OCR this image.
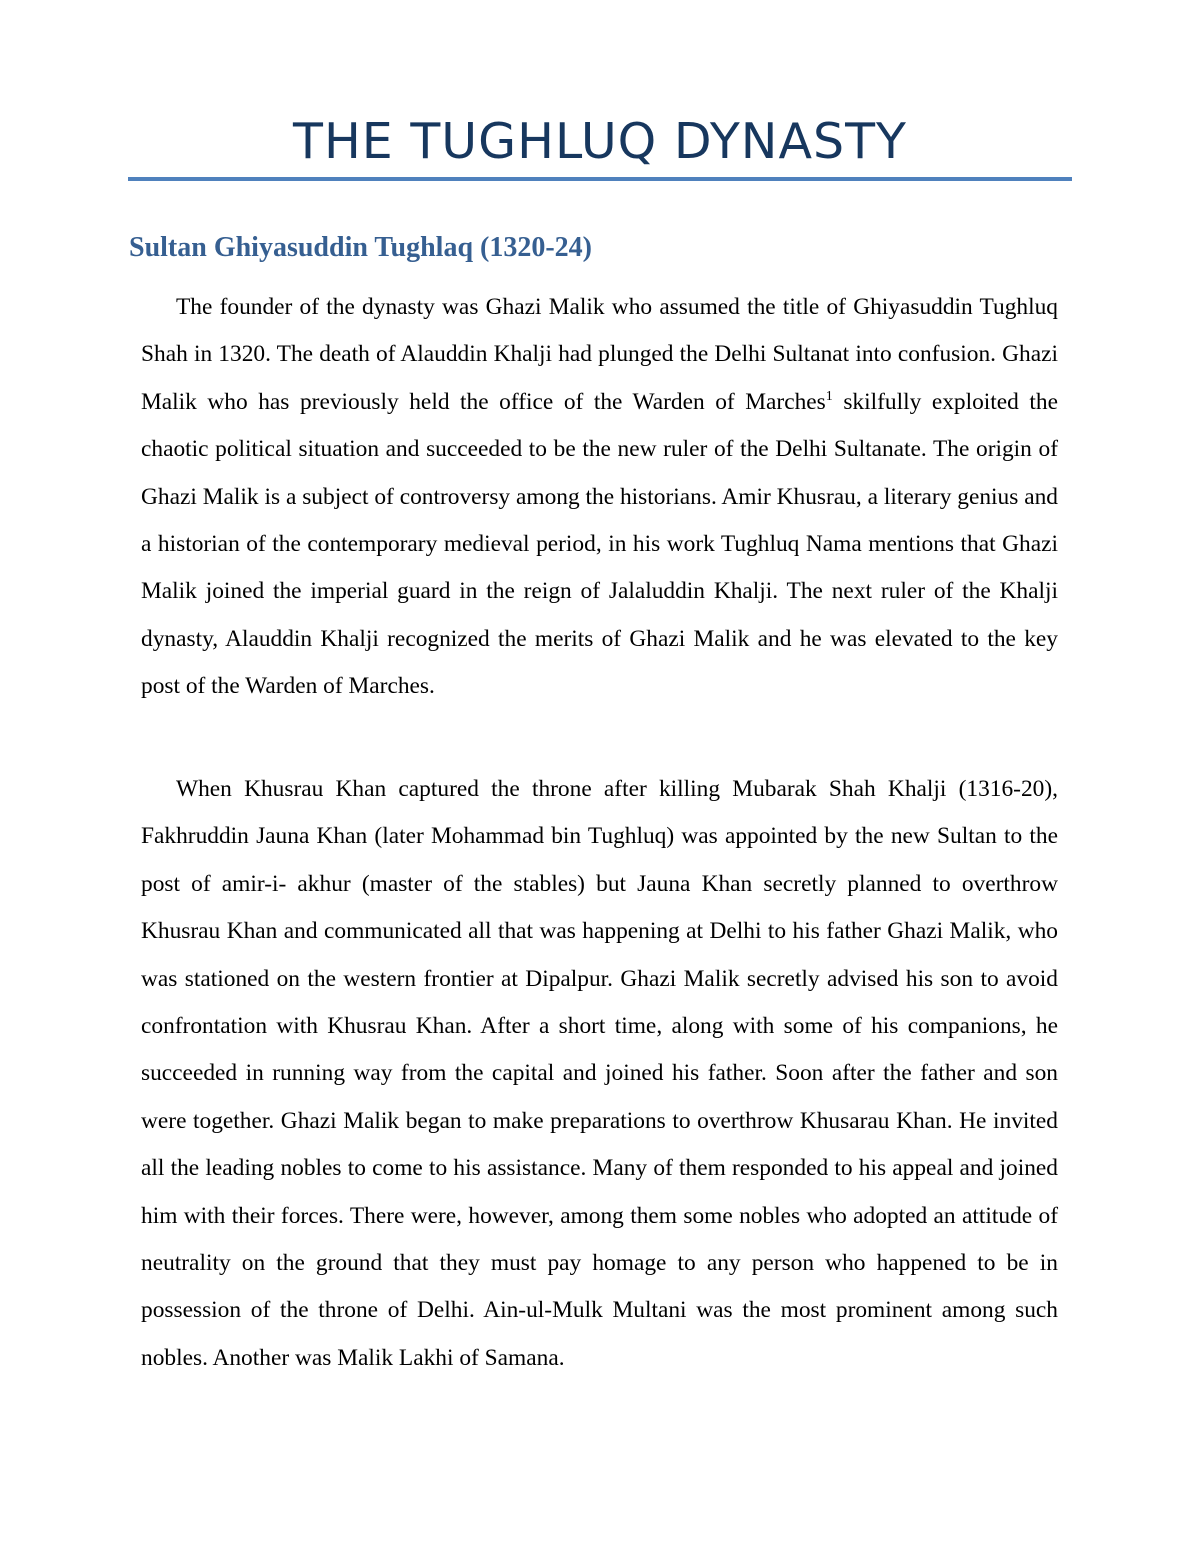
THE TUGHLUQ DYNASTY
Sultan Ghiyasuddin Tughlaq (1320-24)

The founder of the dynasty was Ghazi Malik who assumed the title of Ghiyasuddin Tughluq Shah in 1320. The death of Alauddin Khalji had plunged the Delhi Sultanat into confusion. Ghazi Malik who has previously held the office of the Warden of Marches$^1$ skilfully exploited the chaotic political situation and succeeded to be the new ruler of the Delhi Sultanate. The origin of Ghazi Malik is a subject of controversy among the historians. Amir Khusrau, a literary genius and a historian of the contemporary medieval period, in his work Tughluq Nama mentions that Ghazi Malik joined the imperial guard in the reign of Jalaluddin Khalji. The next ruler of the Khalji dynasty, Alauddin Khalji recognized the merits of Ghazi Malik and he was elevated to the key post of the Warden of Marches.

When Khusrau Khan captured the throne after killing Mubarak Shah Khalji (1316-20), Fakhruddin Jauna Khan (later Mohammad bin Tughluq) was appointed by the new Sultan to the post of amir-i- akhur (master of the stables) but Jauna Khan secretly planned to overthrow Khusrau Khan and communicated all that was happening at Delhi to his father Ghazi Malik, who was stationed on the western frontier at Dipalpur. Ghazi Malik secretly advised his son to avoid confrontation with Khusrau Khan. After a short time, along with some of his companions, he succeeded in running way from the capital and joined his father. Soon after the father and son were together. Ghazi Malik began to make preparations to overthrow Khusarau Khan. He invited all the leading nobles to come to his assistance. Many of them responded to his appeal and joined him with their forces. There were, however, among them some nobles who adopted an attitude of neutrality on the ground that they must pay homage to any person who happened to be in possession of the throne of Delhi. Ain-ul-Mulk Multani was the most prominent among such nobles. Another was Malik Lakhi of Samana.
